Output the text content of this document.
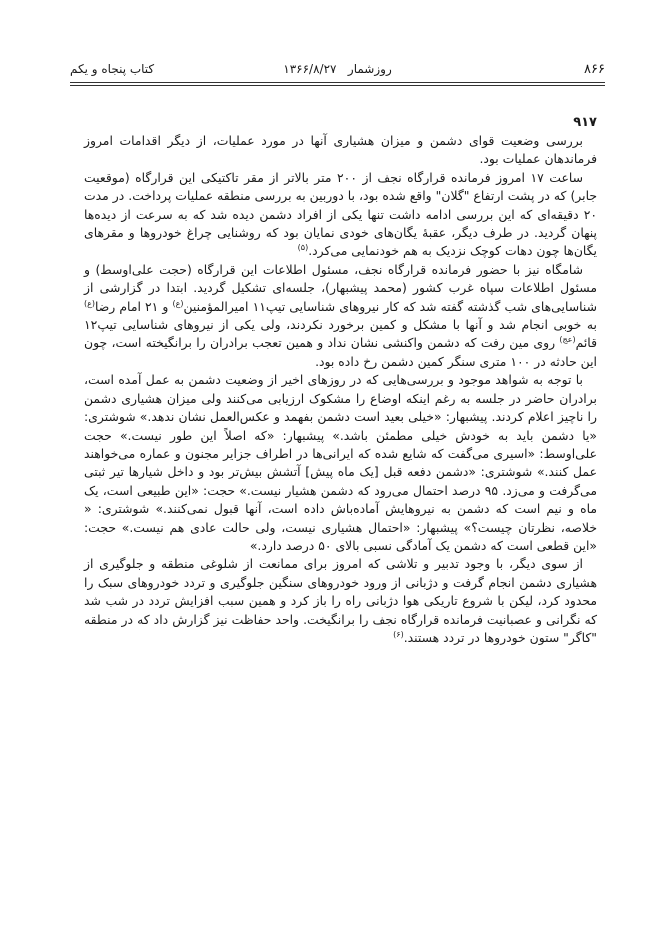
۸۶۶
روزشمار   ۱۳۶۶/۸/۲۷
کتاب پنجاه و یکم
۹۱۷

بررسی وضعیت قوای دشمن و میزان هشیاری آنها در مورد عملیات، از دیگر اقدامات امروز فرماندهان عملیات بود.

ساعت ۱۷ امروز فرمانده قرارگاه نجف از ۲۰۰ متر بالاتر از مقر تاکتیکی این قرارگاه (موقعیت جابر) که در پشت ارتفاع "گلان" واقع شده بود، با دوربین به بررسی منطقه عملیات پرداخت. در مدت ۲۰ دقیقه‌ای که این بررسی ادامه داشت تنها یکی از افراد دشمن دیده شد که به سرعت از دیده‌ها پنهان گردید. در طرف دیگر، عقبهٔ یگان‌های خودی نمایان بود که روشنایی چراغ خودروها و مقرهای یگان‌ها چون دهات کوچک نزدیک به هم خودنمایی می‌کرد.$^{(۵)}$

شامگاه نیز با حضور فرمانده قرارگاه نجف، مسئول اطلاعات این قرارگاه (حجت علی‌اوسط) و مسئول اطلاعات سپاه غرب کشور (محمد پیشبهار)، جلسه‌ای تشکیل گردید. ابتدا در گزارشی از شناسایی‌های شب گذشته گفته شد که کار نیروهای شناسایی تیپ۱۱ امیرالمؤمنین$^{(ع)}$ و ۲۱ امام رضا$^{(ع)}$ به خوبی انجام شد و آنها با مشکل و کمین برخورد نکردند، ولی یکی از نیروهای شناسایی تیپ۱۲ قائم$^{(عج)}$ روی مین رفت که دشمن واکنشی نشان نداد و همین تعجب برادران را برانگیخته است، چون این حادثه در ۱۰۰ متری سنگر کمین دشمن رخ داده بود.

با توجه به شواهد موجود و بررسی‌هایی که در روزهای اخیر از وضعیت دشمن به عمل آمده است، برادران حاضر در جلسه به رغم اینکه اوضاع را مشکوک ارزیابی می‌کنند ولی میزان هشیاری دشمن را ناچیز اعلام کردند. پیشبهار: «خیلی بعید است دشمن بفهمد و عکس‌العمل نشان ندهد.» شوشتری: «یا دشمن باید به خودش خیلی مطمئن باشد.» پیشبهار: «که اصلاً این طور نیست.» حجت علی‌اوسط: «اسیری می‌گفت که شایع شده که ایرانی‌ها در اطراف جزایر مجنون و عماره می‌خواهند عمل کنند.» شوشتری: «دشمن دفعه قبل [یک ماه پیش] آتشش بیش‌تر بود و داخل شیارها تیر ثبتی می‌گرفت و می‌زد. ۹۵ درصد احتمال می‌رود که دشمن هشیار نیست.» حجت: «این طبیعی است، یک ماه و نیم است که دشمن به نیروهایش آماده‌باش داده است، آنها قبول نمی‌کنند.» شوشتری: « خلاصه، نظرتان چیست؟» پیشبهار: «احتمال هشیاری نیست، ولی حالت عادی هم نیست.» حجت: «این قطعی است که دشمن یک آمادگی نسبی بالای ۵۰ درصد دارد.»

از سوی دیگر، با وجود تدبیر و تلاشی که امروز برای ممانعت از شلوغی منطقه و جلوگیری از هشیاری دشمن انجام گرفت و دژبانی از ورود خودروهای سنگین جلوگیری و تردد خودروهای سبک را محدود کرد، لیکن با شروع تاریکی هوا دژبانی راه را باز کرد و همین سبب افزایش تردد در شب شد که نگرانی و عصبانیت فرمانده قرارگاه نجف را برانگیخت. واحد حفاظت نیز گزارش داد که در منطقه "کاگر" ستون خودروها در تردد هستند.$^{(۶)}$
